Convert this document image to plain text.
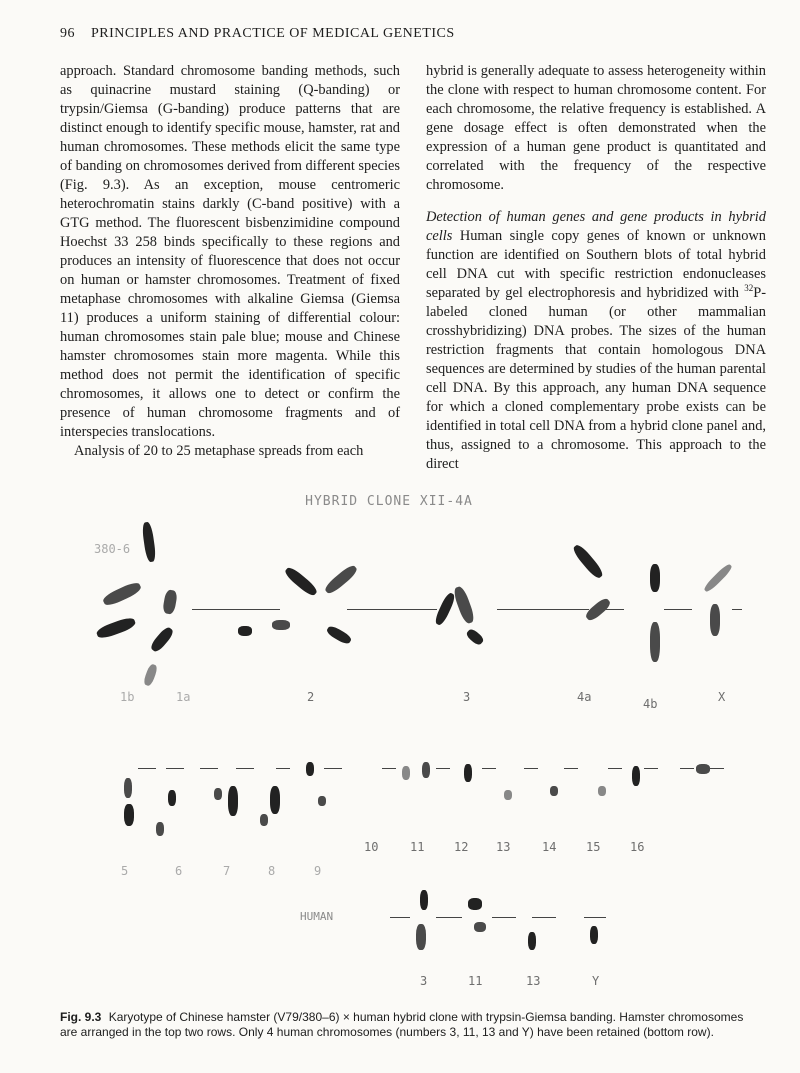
96 PRINCIPLES AND PRACTICE OF MEDICAL GENETICS

approach. Standard chromosome banding methods, such as quinacrine mustard staining (Q-banding) or trypsin/Giemsa (G-banding) produce patterns that are distinct enough to identify specific mouse, hamster, rat and human chromosomes. These methods elicit the same type of banding on chromosomes derived from different species (Fig. 9.3). As an exception, mouse centromeric heterochromatin stains darkly (C-band positive) with a GTG method. The fluorescent bisbenzimidine compound Hoechst 33 258 binds specifically to these regions and produces an intensity of fluorescence that does not occur on human or hamster chromosomes. Treatment of fixed metaphase chromosomes with alkaline Giemsa (Giemsa 11) produces a uniform staining of differential colour: human chromosomes stain pale blue; mouse and Chinese hamster chromosomes stain more magenta. While this method does not permit the identification of specific chromosomes, it allows one to detect or confirm the presence of human chromosome fragments and of interspecies translocations.

Analysis of 20 to 25 metaphase spreads from each

hybrid is generally adequate to assess heterogeneity within the clone with respect to human chromosome content. For each chromosome, the relative frequency is established. A gene dosage effect is often demonstrated when the expression of a human gene product is quantitated and correlated with the frequency of the respective chromosome.

Detection of human genes and gene products in hybrid cells Human single copy genes of known or unknown function are identified on Southern blots of total hybrid cell DNA cut with specific restriction endonucleases separated by gel electrophoresis and hybridized with $^{32}$P-labeled cloned human (or other mammalian crosshybridizing) DNA probes. The sizes of the human restriction fragments that contain homologous DNA sequences are determined by studies of the human parental cell DNA. By this approach, any human DNA sequence for which a cloned complementary probe exists can be identified in total cell DNA from a hybrid clone panel and, thus, assigned to a chromosome. This approach to the direct

HYBRID CLONE XII-4A
380-6
1b	1a	2	3	4a	4b	X
10	11 12 13	14 15 16
5	6	7	8	9
HUMAN
3	11	13	Y
Fig. 9.3 Karyotype of Chinese hamster (V79/380–6) × human hybrid clone with trypsin-Giemsa banding. Hamster chromosomes are arranged in the top two rows. Only 4 human chromosomes (numbers 3, 11, 13 and Y) have been retained (bottom row).
